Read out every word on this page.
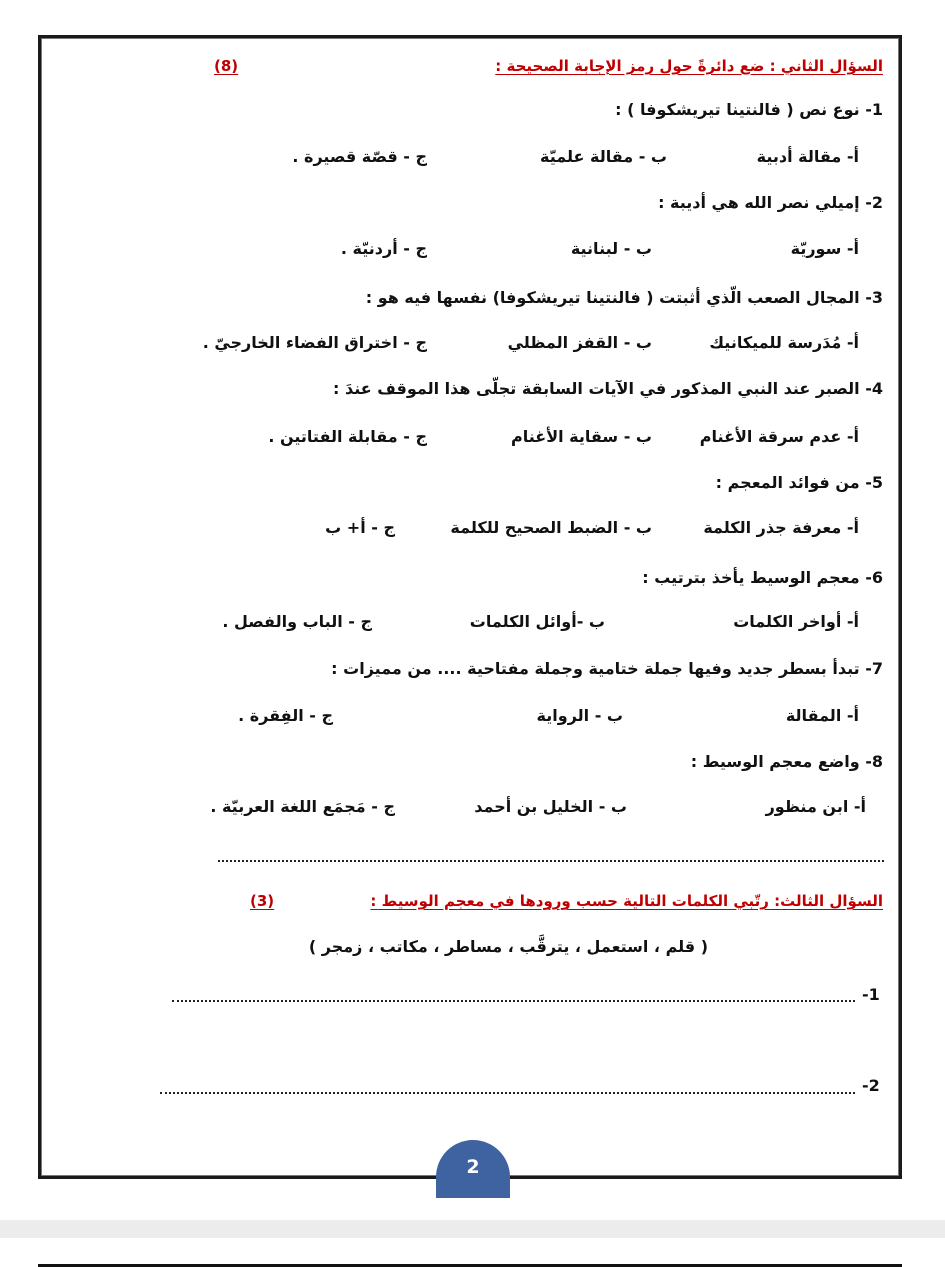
السؤال الثاني : ضع دائرةً حول رمز الإجابة الصحيحة :
(8)
1- نوع نص ( فالنتينا تيريشكوفا ) :
أ- مقالة أدبية
ب - مقالة علميّة
ج - قصّة قصيرة .
2- إميلي نصر الله هي أديبة :
أ- سوريّة
ب - لبنانية
ج - أردنيّة .
3- المجال الصعب الّذي أثبتت ( فالنتينا تيريشكوفا) نفسها فيه هو :
أ- مُدَرسة للميكانيك
ب - القفز المظلي
ج - اختراق الفضاء الخارجيّ .
4- الصبر عند النبي المذكور في الآيات السابقة تجلّى هذا الموقف عندَ :
أ- عدم سرقة الأغنام
ب - سقاية الأغنام
ج - مقابلة الفتاتين .
5- من فوائد المعجم :
أ- معرفة جذر الكلمة
ب - الضبط الصحيح للكلمة
ج - أ+ ب
6- معجم الوسيط يأخذ بترتيب :
أ- أواخر الكلمات
ب -أوائل الكلمات
ج - الباب والفصل .
7- تبدأ بسطر جديد وفيها جملة ختامية وجملة مفتاحية .... من مميزات :
أ- المقالة
ب - الرواية
ج - الفِقرة .
8- واضع معجم الوسيط :
أ- ابن منظور
ب - الخليل بن أحمد
ج - مَجمَع اللغة العربيّة .
السؤال الثالث: رتّبي الكلمات التالية حسب ورودها في معجم الوسيط :
(3)
( قلم ، استعمل ، يترقَّب ، مساطر ، مكاتب ، زمجر )
-1
-2
2
